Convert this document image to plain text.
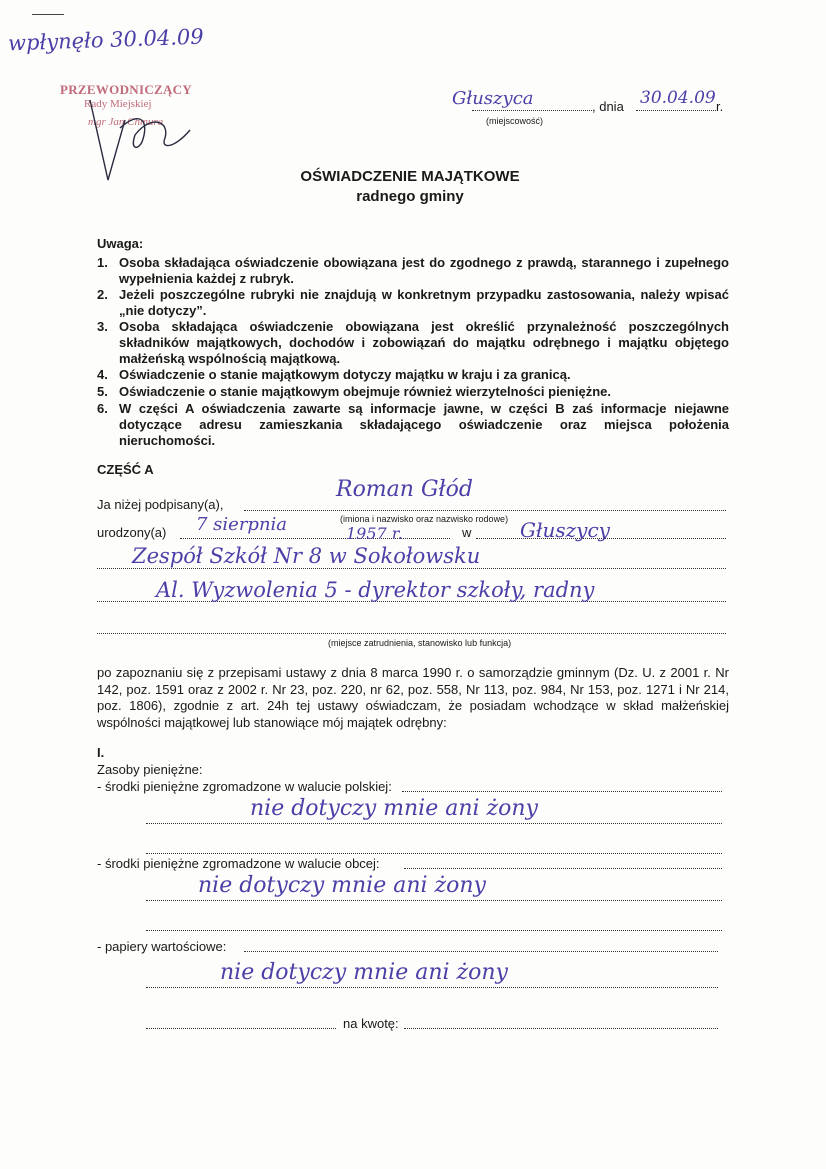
wpłynęło 30.04.09
PRZEWODNICZĄCY
Rady Miejskiej
mgr Jan Chmura
Głuszyca	, dnia 30.04.09 r.
(miejscowość)
OŚWIADCZENIE MAJĄTKOWE
radnego gminy
Uwaga:
1. Osoba składająca oświadczenie obowiązana jest do zgodnego z prawdą, starannego i zupełnego wypełnienia każdej z rubryk.
2. Jeżeli poszczególne rubryki nie znajdują w konkretnym przypadku zastosowania, należy wpisać „nie dotyczy”.
3. Osoba składająca oświadczenie obowiązana jest określić przynależność poszczególnych składników majątkowych, dochodów i zobowiązań do majątku odrębnego i majątku objętego małżeńską wspólnością majątkową.
4. Oświadczenie o stanie majątkowym dotyczy majątku w kraju i za granicą.
5. Oświadczenie o stanie majątkowym obejmuje również wierzytelności pieniężne.
6. W części A oświadczenia zawarte są informacje jawne, w części B zaś informacje niejawne dotyczące adresu zamieszkania składającego oświadczenie oraz miejsca położenia nieruchomości.
CZĘŚĆ A
Ja niżej podpisany(a),
Roman Głód
(imiona i nazwisko oraz nazwisko rodowe)
urodzony(a) 7 sierpnia	1957 r.	w Głuszycy
Zespół Szkół Nr 8 w Sokołowsku
Al. Wyzwolenia 5 - dyrektor szkoły, radny
(miejsce zatrudnienia, stanowisko lub funkcja)
po zapoznaniu się z przepisami ustawy z dnia 8 marca 1990 r. o samorządzie gminnym (Dz. U. z 2001 r. Nr 142, poz. 1591 oraz z 2002 r. Nr 23, poz. 220, nr 62, poz. 558, Nr 113, poz. 984, Nr 153, poz. 1271 i Nr 214, poz. 1806), zgodnie z art. 24h tej ustawy oświadczam, że posiadam wchodzące w skład małżeńskiej wspólności majątkowej lub stanowiące mój majątek odrębny:
I.
Zasoby pieniężne:
- środki pieniężne zgromadzone w walucie polskiej:
nie dotyczy mnie ani żony
- środki pieniężne zgromadzone w walucie obcej:
nie dotyczy mnie ani żony
- papiery wartościowe:
nie dotyczy mnie ani żony
na kwotę:
